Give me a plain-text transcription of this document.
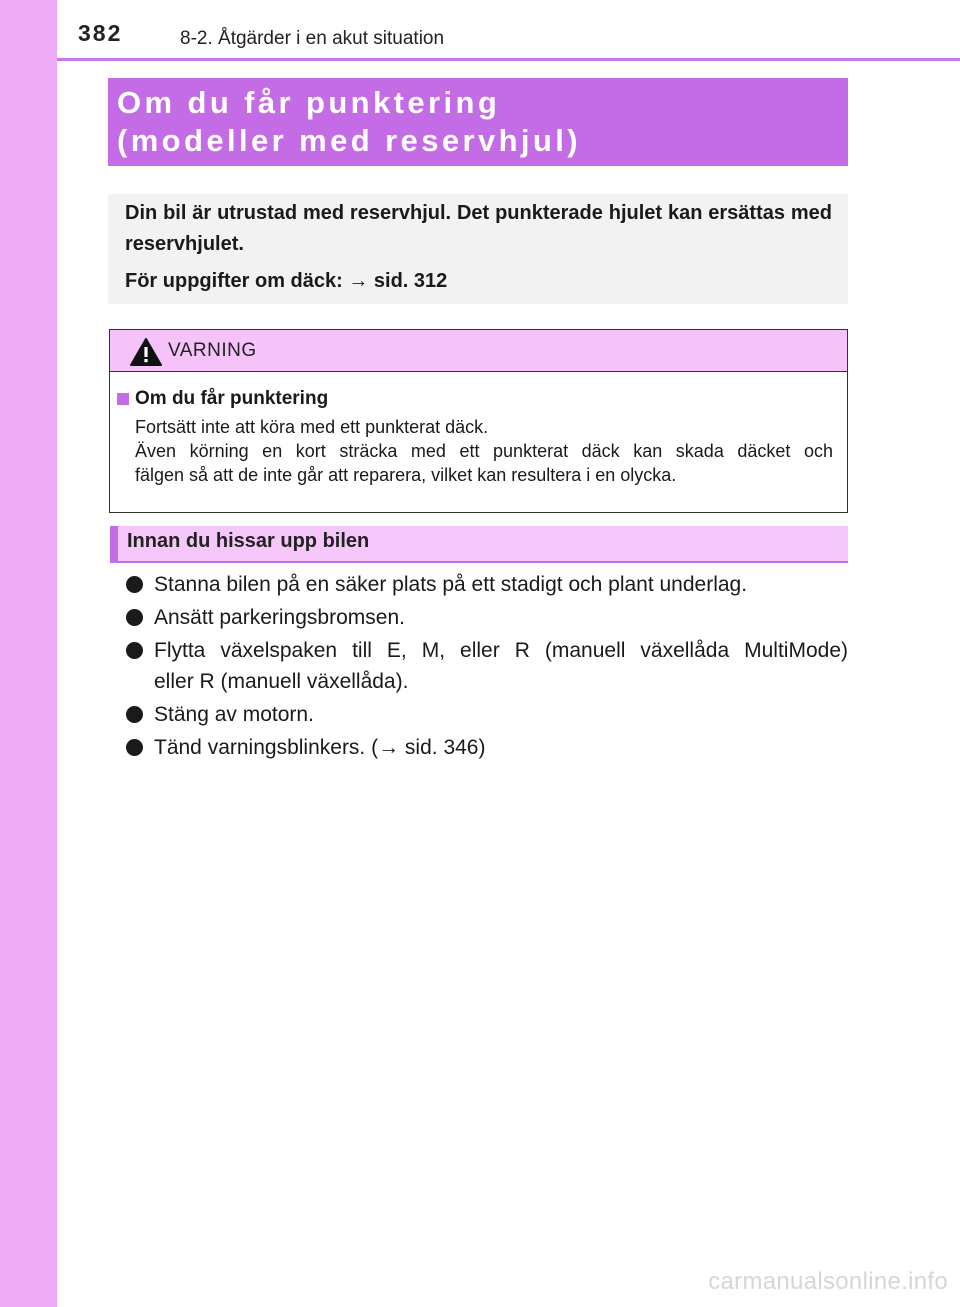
382	8-2. Åtgärder i en akut situation
Om du får punktering
(modeller med reservhjul)
Din bil är utrustad med reservhjul. Det punkterade hjulet kan ersättas med reservhjulet.
För uppgifter om däck: → sid. 312
VARNING
Om du får punktering
Fortsätt inte att köra med ett punkterat däck.
Även körning en kort sträcka med ett punkterat däck kan skada däcket och
fälgen så att de inte går att reparera, vilket kan resultera i en olycka.
Innan du hissar upp bilen
Stanna bilen på en säker plats på ett stadigt och plant underlag.
Ansätt parkeringsbromsen.
Flytta växelspaken till E, M, eller R (manuell växellåda MultiMode)
eller R (manuell växellåda).
Stäng av motorn.
Tänd varningsblinkers. (→ sid. 346)
carmanualsonline.info
